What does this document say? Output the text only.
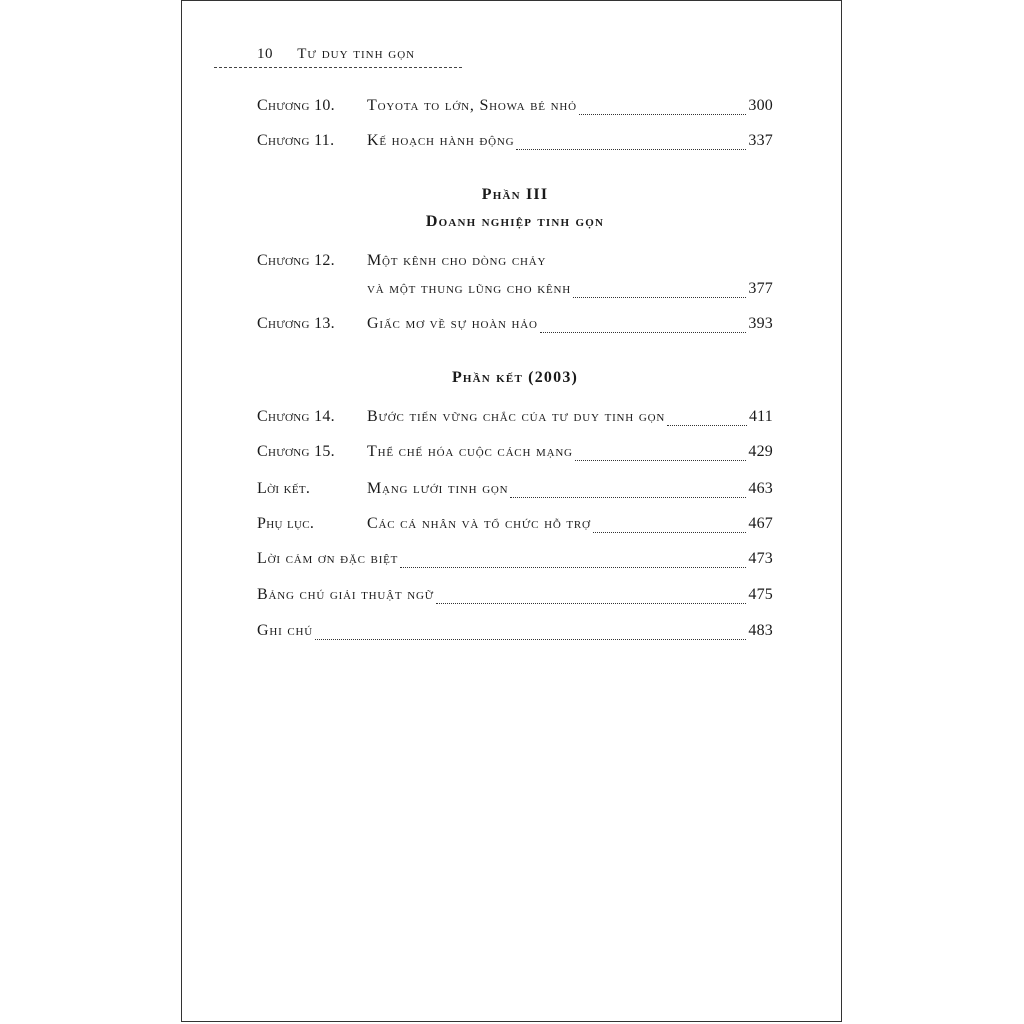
10 Tư duy tinh gọn
Chương 10.	Toyota to lớn, Showa bé nhỏ	300
Chương 11.	Kế hoạch hành động	337
Phần III
Doanh nghiệp tinh gọn
Chương 12.	Một kênh cho dòng chảy
và một thung lũng cho kênh	377
Chương 13.	Giấc mơ về sự hoàn hảo	393
Phần kết (2003)
Chương 14.	Bước tiến vững chắc của tư duy tinh gọn	411
Chương 15.	Thể chế hóa cuộc cách mạng	429
Lời kết.	Mạng lưới tinh gọn	463
Phụ lục.	Các cá nhân và tổ chức hỗ trợ	467
Lời cảm ơn đặc biệt	473
Bảng chú giải thuật ngữ	475
Ghi chú	483
